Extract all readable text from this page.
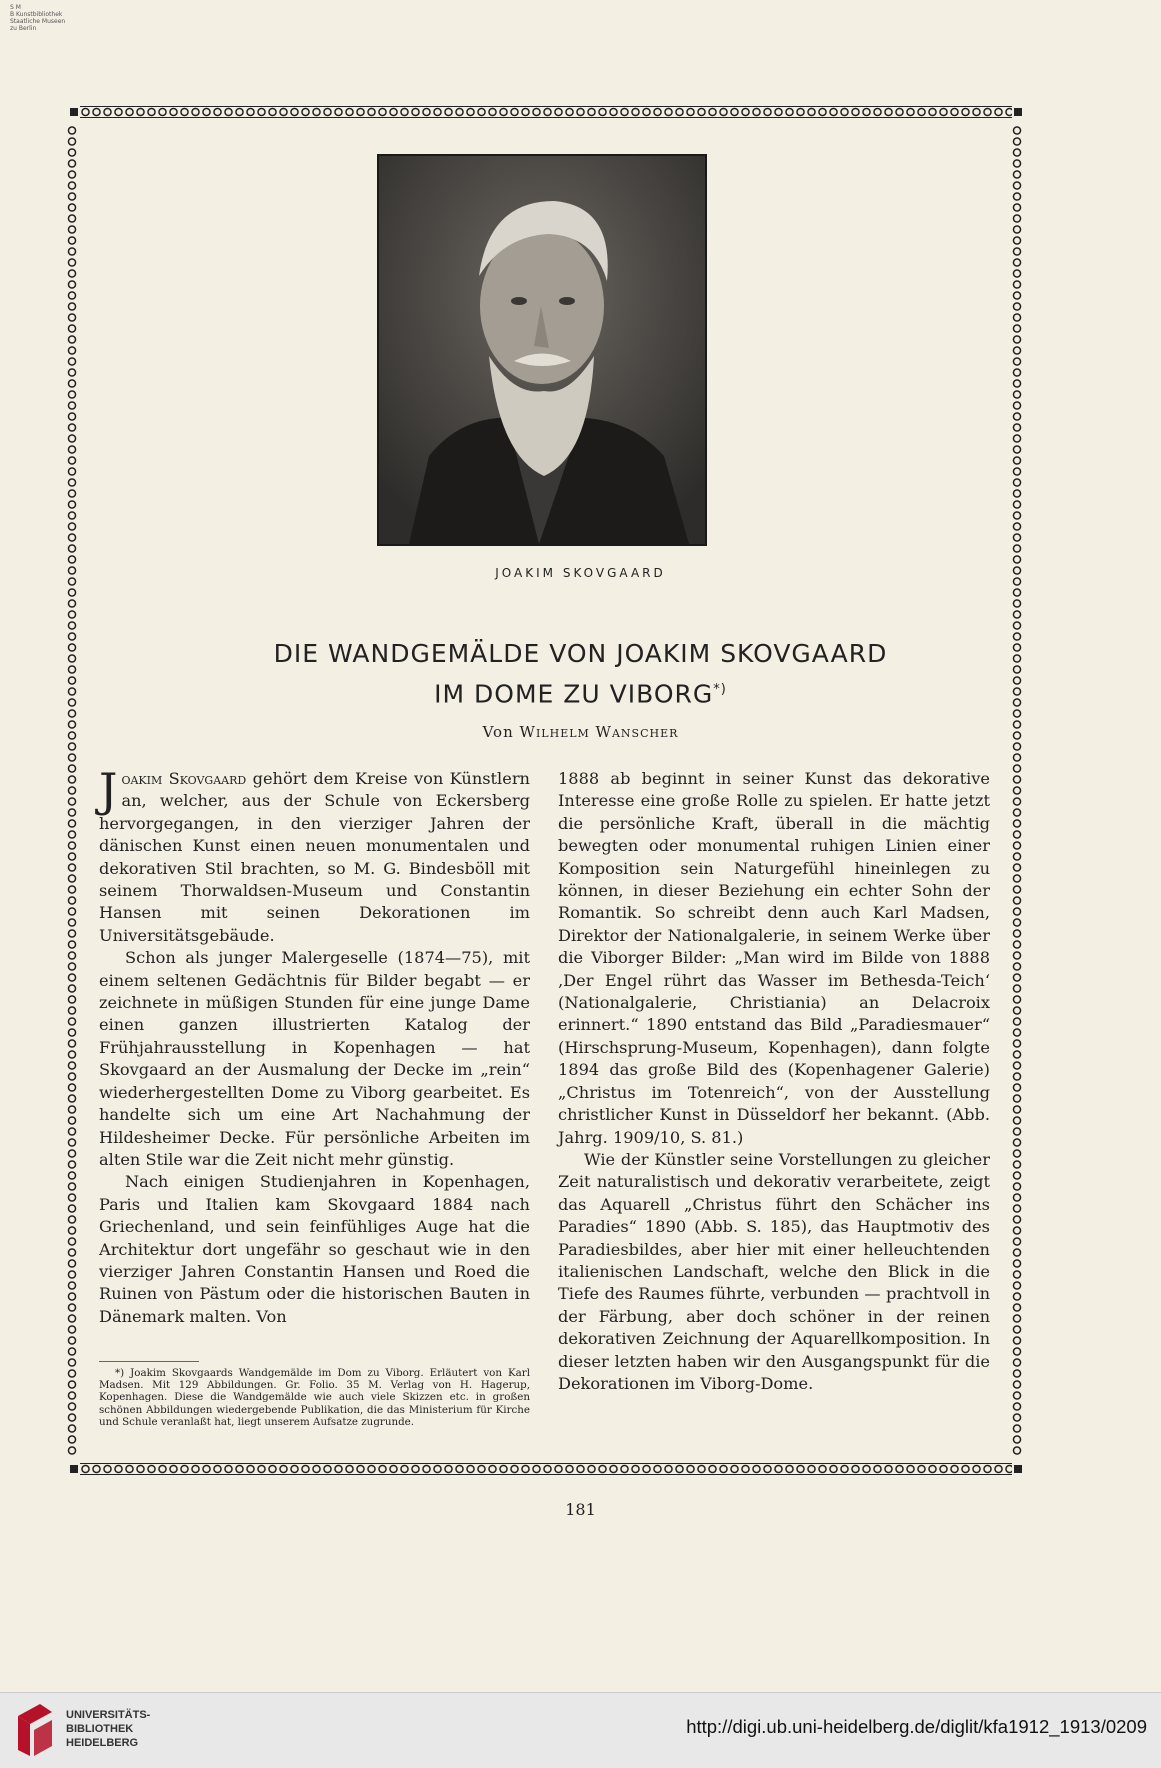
S M
B Kunstbibliothek
Staatliche Museen
zu Berlin
JOAKIM SKOVGAARD
DIE WANDGEMÄLDE VON JOAKIM SKOVGAARD
IM DOME ZU VIBORG*)
Von Wilhelm Wanscher

Joakim Skovgaard gehört dem Kreise von Künstlern an, welcher, aus der Schule von Eckersberg hervorgegangen, in den vierziger Jahren der dänischen Kunst einen neuen monumentalen und dekorativen Stil brachten, so M. G. Bindesböll mit seinem Thorwaldsen-Museum und Constantin Hansen mit seinen Dekorationen im Universitätsgebäude.

Schon als junger Malergeselle (1874—75), mit einem seltenen Gedächtnis für Bilder begabt — er zeichnete in müßigen Stunden für eine junge Dame einen ganzen illustrierten Katalog der Frühjahrausstellung in Kopenhagen — hat Skovgaard an der Ausmalung der Decke im „rein“ wiederhergestellten Dome zu Viborg gearbeitet. Es handelte sich um eine Art Nachahmung der Hildesheimer Decke. Für persönliche Arbeiten im alten Stile war die Zeit nicht mehr günstig.

Nach einigen Studienjahren in Kopenhagen, Paris und Italien kam Skovgaard 1884 nach Griechenland, und sein feinfühliges Auge hat die Architektur dort ungefähr so geschaut wie in den vierziger Jahren Constantin Hansen und Roed die Ruinen von Pästum oder die historischen Bauten in Dänemark malten. Von

*) Joakim Skovgaards Wandgemälde im Dom zu Viborg. Erläutert von Karl Madsen. Mit 129 Abbildungen. Gr. Folio. 35 M. Verlag von H. Hagerup, Kopenhagen. Diese die Wandgemälde wie auch viele Skizzen etc. in großen schönen Abbildungen wiedergebende Publikation, die das Ministerium für Kirche und Schule veranlaßt hat, liegt unserem Aufsatze zugrunde.

1888 ab beginnt in seiner Kunst das dekorative Interesse eine große Rolle zu spielen. Er hatte jetzt die persönliche Kraft, überall in die mächtig bewegten oder monumental ruhigen Linien einer Komposition sein Naturgefühl hineinlegen zu können, in dieser Beziehung ein echter Sohn der Romantik. So schreibt denn auch Karl Madsen, Direktor der Nationalgalerie, in seinem Werke über die Viborger Bilder: „Man wird im Bilde von 1888 ‚Der Engel rührt das Wasser im Bethesda-Teich‘ (Nationalgalerie, Christiania) an Delacroix erinnert.“ 1890 entstand das Bild „Paradiesmauer“ (Hirschsprung-Museum, Kopenhagen), dann folgte 1894 das große Bild des (Kopenhagener Galerie) „Christus im Totenreich“, von der Ausstellung christlicher Kunst in Düsseldorf her bekannt. (Abb. Jahrg. 1909/10, S. 81.)

Wie der Künstler seine Vorstellungen zu gleicher Zeit naturalistisch und dekorativ verarbeitete, zeigt das Aquarell „Christus führt den Schächer ins Paradies“ 1890 (Abb. S. 185), das Hauptmotiv des Paradiesbildes, aber hier mit einer helleuchtenden italienischen Landschaft, welche den Blick in die Tiefe des Raumes führte, verbunden — prachtvoll in der Färbung, aber doch schöner in der reinen dekorativen Zeichnung der Aquarellkomposition. In dieser letzten haben wir den Ausgangspunkt für die Dekorationen im Viborg-Dome.

181
UNIVERSITÄTS-
BIBLIOTHEK
HEIDELBERG
http://digi.ub.uni-heidelberg.de/diglit/kfa1912_1913/0209
